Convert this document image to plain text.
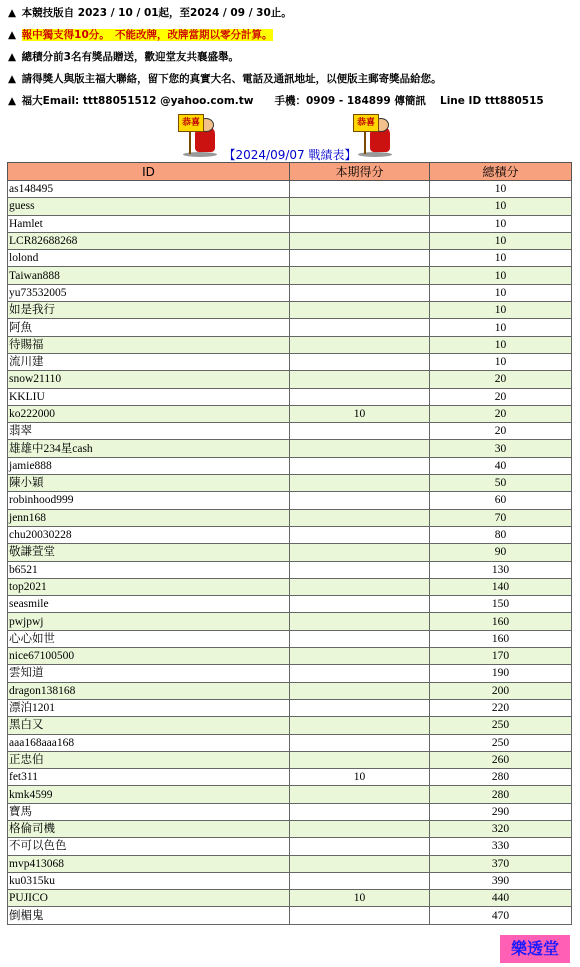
▲ 本競技版自 2023 / 10 / 01起，至2024 / 09 / 30止。
▲ 報中獨支得10分。　不能改牌，改牌當期以零分計算。
▲ 總積分前3名有獎品贈送，歡迎堂友共襄盛舉。
▲ 請得獎人與版主福大聯絡，留下您的真實大名、電話及通訊地址，以便版主郵寄獎品給您。
▲ 福大Email: ttt88051512 @yahoo.com.tw　　手機：0909 - 184899 傳簡訊　 Line ID ttt880515
恭喜	恭喜
【2024/09/07 戰績表】
ID	本期得分	總積分
as148495		10
guess		10
Hamlet		10
LCR82688268		10
lolond		10
Taiwan888		10
yu73532005		10
如是我行		10
阿魚		10
待賜福		10
流川建		10
snow21110		20
KKLIU		20
ko222000	10	20
翡翠		20
雄雄中234星cash		30
jamie888		40
陳小穎		50
robinhood999		60
jenn168		70
chu20030228		80
敬謙萱堂		90
b6521		130
top2021		140
seasmile		150
pwjpwj		160
心心如世		160
nice67100500		170
雲知道		190
dragon138168		200
漂泊1201		220
黑白又		250
aaa168aaa168		250
正忠伯		260
fet311	10	280
kmk4599		280
寶馬		290
格倫司機		320
不可以色色		330
mvp413068		370
ku0315ku		390
PUJICO	10	440
倒楣鬼		470
樂透堂
